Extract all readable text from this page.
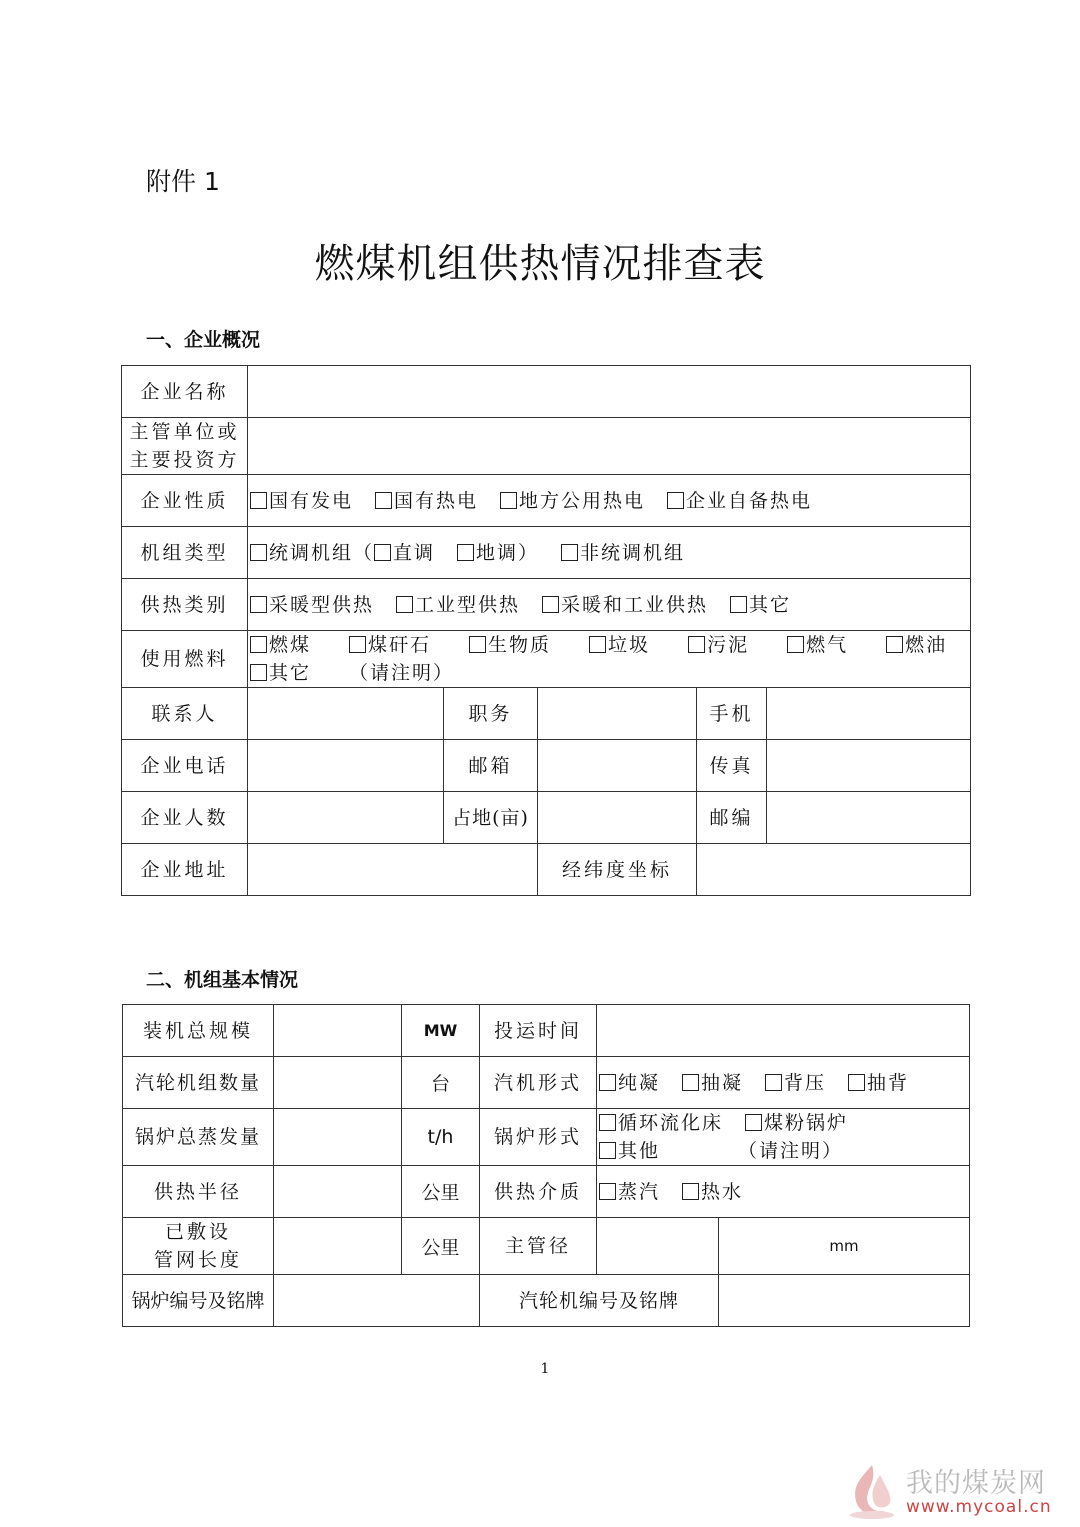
附件 1
燃煤机组供热情况排查表
一、企业概况
企业名称					

主管单位或
主要投资方					

企业性质	国有发电 国有热电 地方公用热电 企业自备热电				
机组类型	统调机组（ 直调 地调） 非统调机组				
供热类别	采暖型供热 工业型供热 采暖和工业供热 其它				
使用燃料	燃煤 煤矸石 生物质 垃圾 污泥 燃气 燃油
其它 （请注明）				

联系人		职务		手机	
企业电话		邮箱		传真	
企业人数		占地(亩)		邮编	
企业地址			经纬度坐标		
二、机组基本情况
装机总规模		MW	投运时间		
汽轮机组数量		台	汽机形式	纯凝 抽凝 背压 抽背	
锅炉总蒸发量		t/h	锅炉形式	循环流化床 煤粉锅炉
其他 （请注明）	

供热半径		公里	供热介质	蒸汽 热水	

已敷设
管网长度		公里	主管径		mm
锅炉编号及铭牌			汽轮机编号及铭牌		
1
我的煤炭网
www.mycoal.cn
